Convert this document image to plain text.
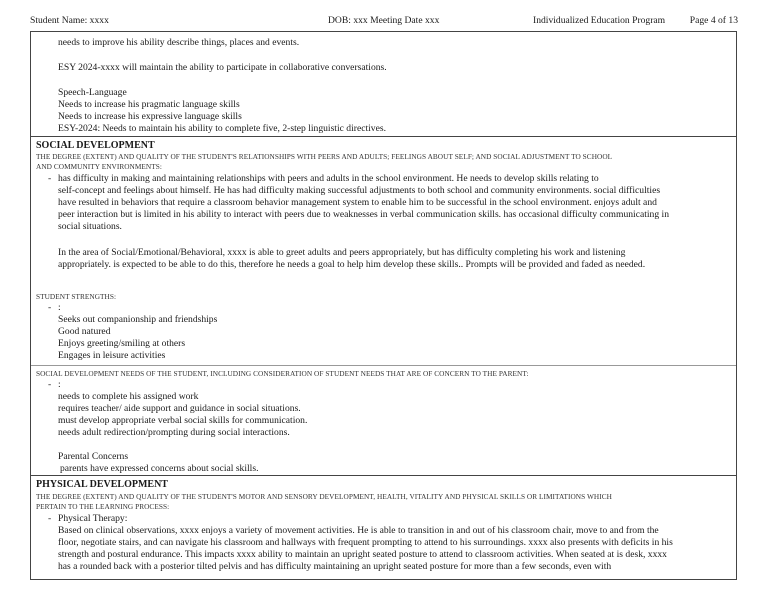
Student Name: xxxx	DOB: xxx Meeting Date xxx	Individualized Education Program	Page 4 of 13
needs to improve his ability describe things, places and events.
ESY 2024-xxxx will maintain the ability to participate in collaborative conversations.
Speech-Language
Needs to increase his pragmatic language skills
Needs to increase his expressive language skills
ESY-2024: Needs to maintain his ability to complete five, 2-step linguistic directives.
SOCIAL DEVELOPMENT
THE DEGREE (EXTENT) AND QUALITY OF THE STUDENT'S RELATIONSHIPS WITH PEERS AND ADULTS; FEELINGS ABOUT SELF; AND SOCIAL ADJUSTMENT TO SCHOOL
AND COMMUNITY ENVIRONMENTS:
- has difficulty in making and maintaining relationships with peers and adults in the school environment. He needs to develop skills relating to
self-concept and feelings about himself. He has had difficulty making successful adjustments to both school and community environments. social difficulties
have resulted in behaviors that require a classroom behavior management system to enable him to be successful in the school environment. enjoys adult and
peer interaction but is limited in his ability to interact with peers due to weaknesses in verbal communication skills. has occasional difficulty communicating in
social situations.
In the area of Social/Emotional/Behavioral, xxxx is able to greet adults and peers appropriately, but has difficulty completing his work and listening
appropriately. is expected to be able to do this, therefore he needs a goal to help him develop these skills.. Prompts will be provided and faded as needed.
STUDENT STRENGTHS:
- :
Seeks out companionship and friendships
Good natured
Enjoys greeting/smiling at others
Engages in leisure activities
SOCIAL DEVELOPMENT NEEDS OF THE STUDENT, INCLUDING CONSIDERATION OF STUDENT NEEDS THAT ARE OF CONCERN TO THE PARENT:
- :
needs to complete his assigned work
requires teacher/ aide support and guidance in social situations.
must develop appropriate verbal social skills for communication.
needs adult redirection/prompting during social interactions.
Parental Concerns
parents have expressed concerns about social skills.
PHYSICAL DEVELOPMENT
THE DEGREE (EXTENT) AND QUALITY OF THE STUDENT'S MOTOR AND SENSORY DEVELOPMENT, HEALTH, VITALITY AND PHYSICAL SKILLS OR LIMITATIONS WHICH
PERTAIN TO THE LEARNING PROCESS:
- Physical Therapy:
Based on clinical observations, xxxx enjoys a variety of movement activities. He is able to transition in and out of his classroom chair, move to and from the
floor, negotiate stairs, and can navigate his classroom and hallways with frequent prompting to attend to his surroundings. xxxx also presents with deficits in his
strength and postural endurance. This impacts xxxx ability to maintain an upright seated posture to attend to classroom activities. When seated at is desk, xxxx
has a rounded back with a posterior tilted pelvis and has difficulty maintaining an upright seated posture for more than a few seconds, even with
